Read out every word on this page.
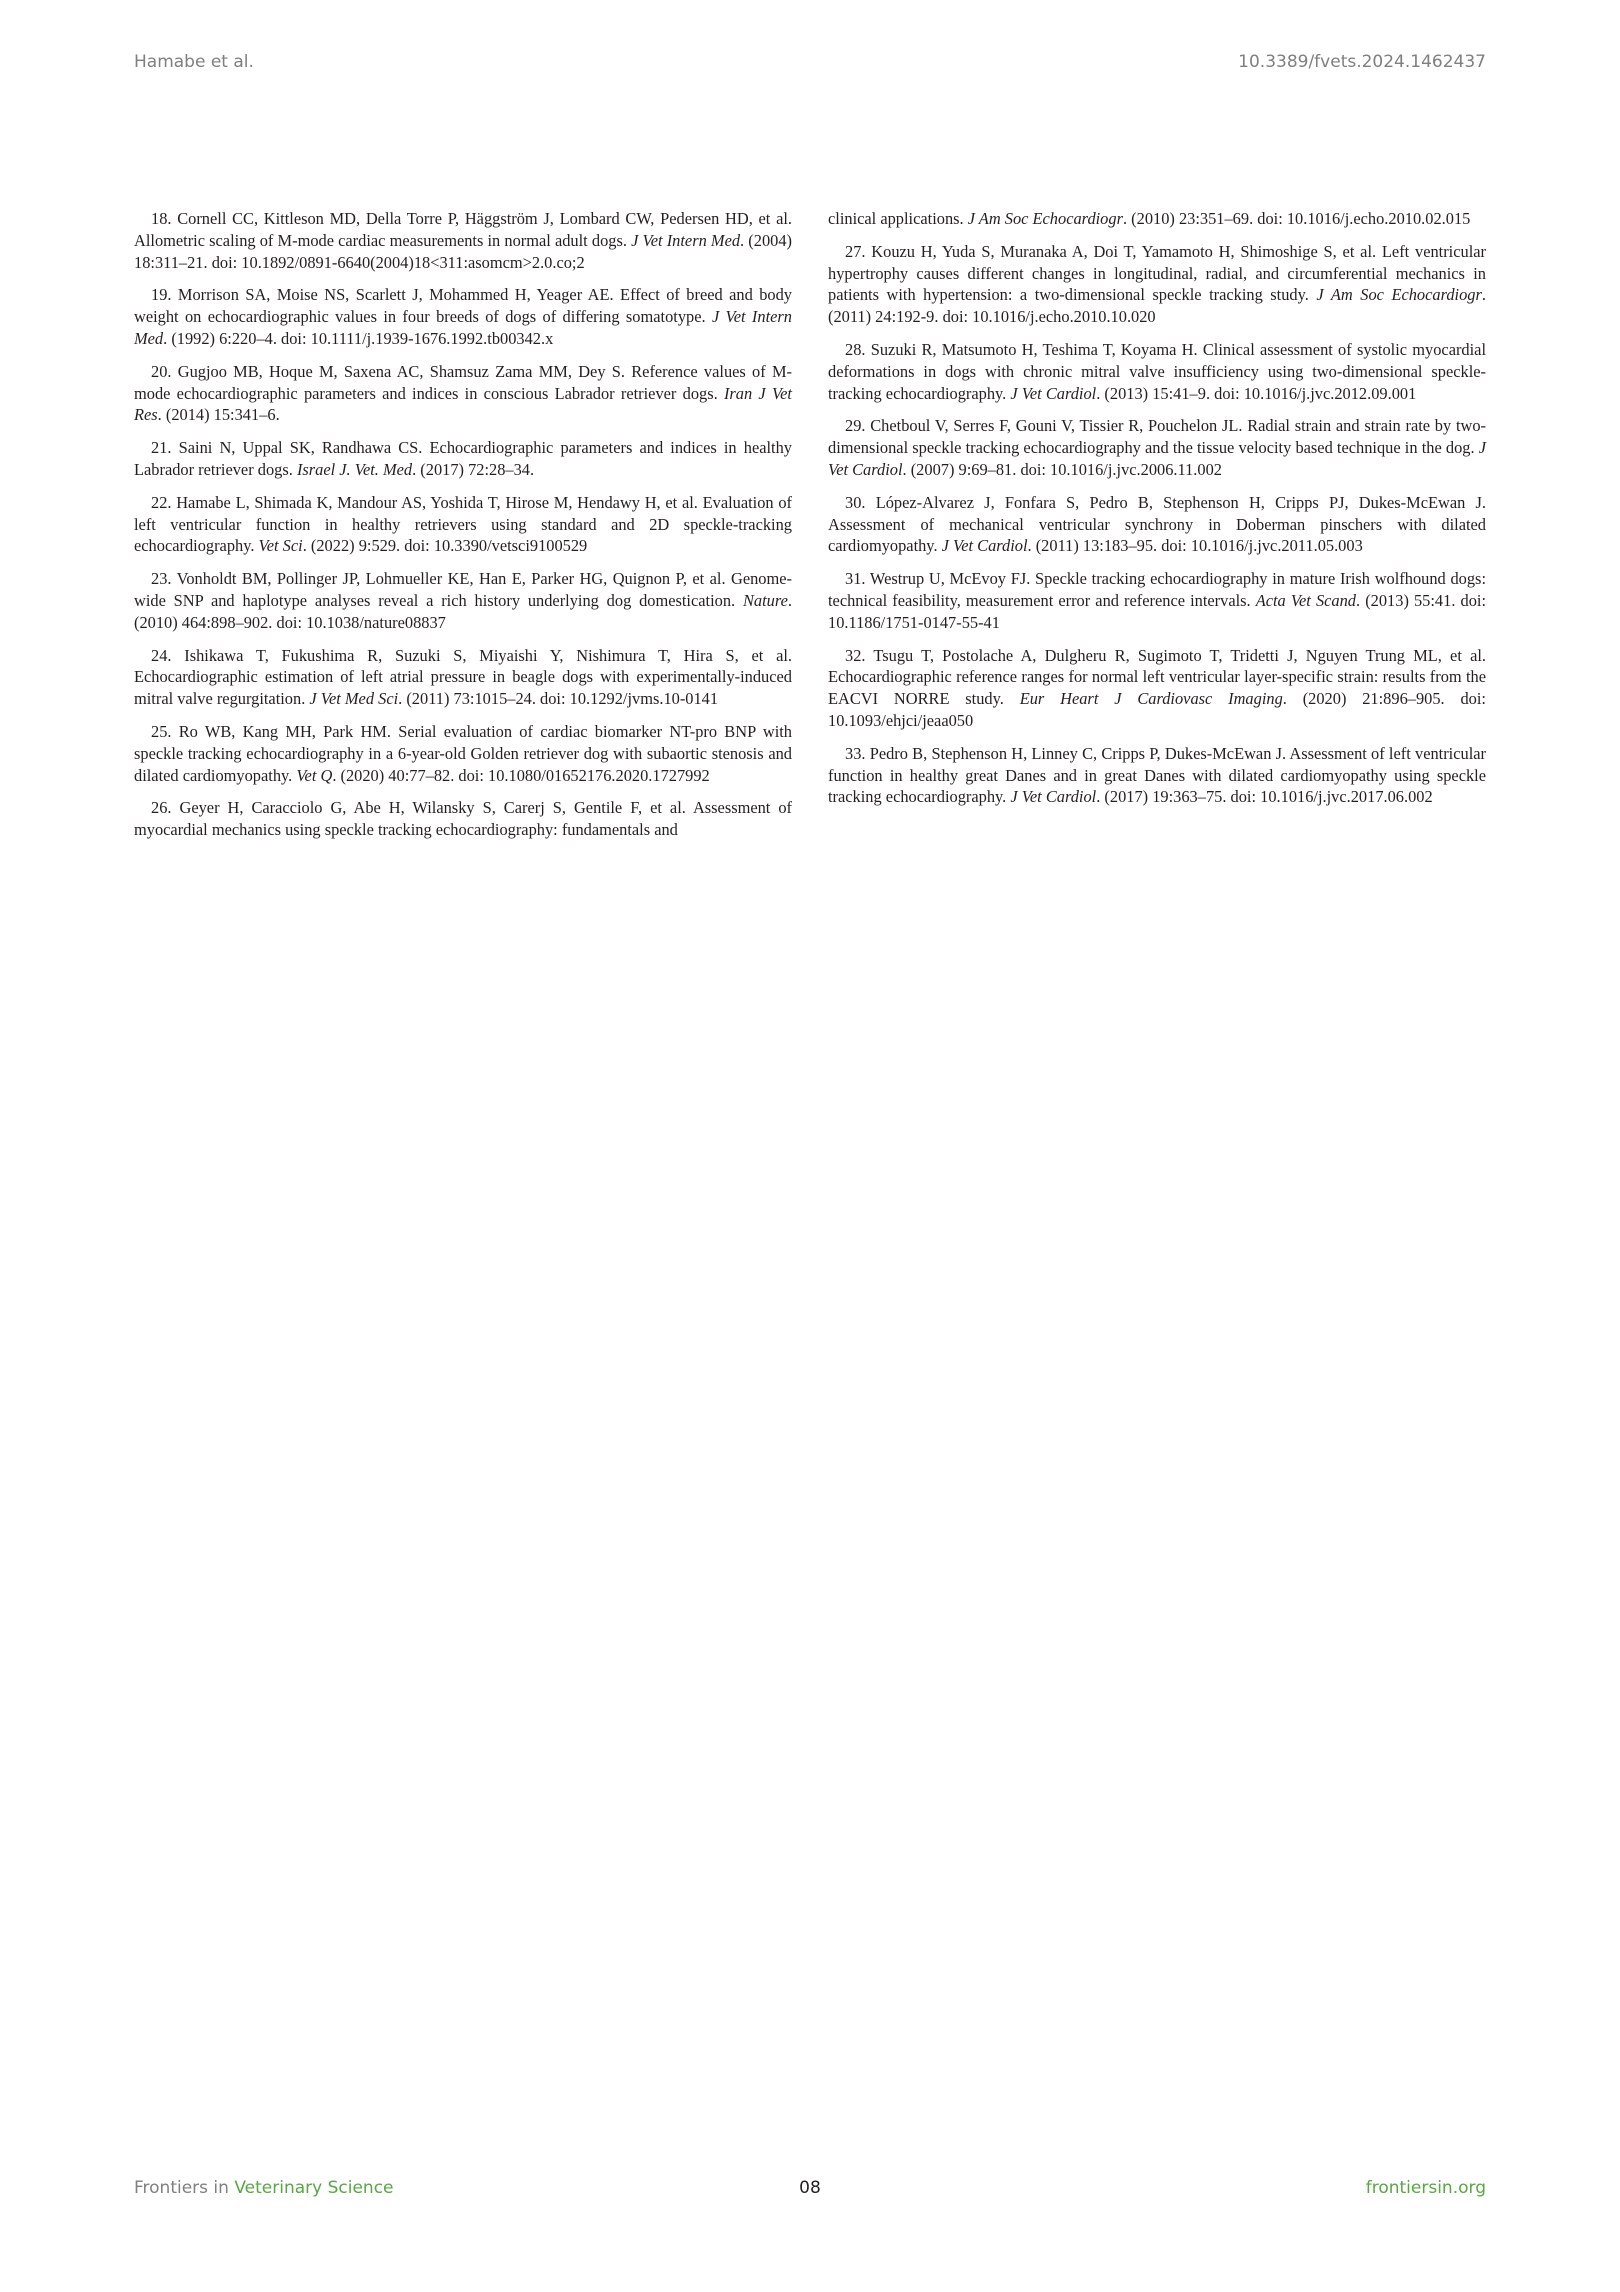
Hamabe et al.	10.3389/fvets.2024.1462437

18. Cornell CC, Kittleson MD, Della Torre P, Häggström J, Lombard CW, Pedersen HD, et al. Allometric scaling of M-mode cardiac measurements in normal adult dogs. J Vet Intern Med. (2004) 18:311–21. doi: 10.1892/0891-6640(2004)18<311:asomcm>2.0.co;2

19. Morrison SA, Moise NS, Scarlett J, Mohammed H, Yeager AE. Effect of breed and body weight on echocardiographic values in four breeds of dogs of differing somatotype. J Vet Intern Med. (1992) 6:220–4. doi: 10.1111/j.1939-1676.1992.tb00342.x

20. Gugjoo MB, Hoque M, Saxena AC, Shamsuz Zama MM, Dey S. Reference values of M-mode echocardiographic parameters and indices in conscious Labrador retriever dogs. Iran J Vet Res. (2014) 15:341–6.

21. Saini N, Uppal SK, Randhawa CS. Echocardiographic parameters and indices in healthy Labrador retriever dogs. Israel J. Vet. Med. (2017) 72:28–34.

22. Hamabe L, Shimada K, Mandour AS, Yoshida T, Hirose M, Hendawy H, et al. Evaluation of left ventricular function in healthy retrievers using standard and 2D speckle-tracking echocardiography. Vet Sci. (2022) 9:529. doi: 10.3390/vetsci9100529

23. Vonholdt BM, Pollinger JP, Lohmueller KE, Han E, Parker HG, Quignon P, et al. Genome-wide SNP and haplotype analyses reveal a rich history underlying dog domestication. Nature. (2010) 464:898–902. doi: 10.1038/nature08837

24. Ishikawa T, Fukushima R, Suzuki S, Miyaishi Y, Nishimura T, Hira S, et al. Echocardiographic estimation of left atrial pressure in beagle dogs with experimentally-induced mitral valve regurgitation. J Vet Med Sci. (2011) 73:1015–24. doi: 10.1292/jvms.10-0141

25. Ro WB, Kang MH, Park HM. Serial evaluation of cardiac biomarker NT-pro BNP with speckle tracking echocardiography in a 6-year-old Golden retriever dog with subaortic stenosis and dilated cardiomyopathy. Vet Q. (2020) 40:77–82. doi: 10.1080/01652176.2020.1727992

26. Geyer H, Caracciolo G, Abe H, Wilansky S, Carerj S, Gentile F, et al. Assessment of myocardial mechanics using speckle tracking echocardiography: fundamentals and

clinical applications. J Am Soc Echocardiogr. (2010) 23:351–69. doi: 10.1016/j.echo.2010.02.015

27. Kouzu H, Yuda S, Muranaka A, Doi T, Yamamoto H, Shimoshige S, et al. Left ventricular hypertrophy causes different changes in longitudinal, radial, and circumferential mechanics in patients with hypertension: a two-dimensional speckle tracking study. J Am Soc Echocardiogr. (2011) 24:192-9. doi: 10.1016/j.echo.2010.10.020

28. Suzuki R, Matsumoto H, Teshima T, Koyama H. Clinical assessment of systolic myocardial deformations in dogs with chronic mitral valve insufficiency using two-dimensional speckle-tracking echocardiography. J Vet Cardiol. (2013) 15:41–9. doi: 10.1016/j.jvc.2012.09.001

29. Chetboul V, Serres F, Gouni V, Tissier R, Pouchelon JL. Radial strain and strain rate by two-dimensional speckle tracking echocardiography and the tissue velocity based technique in the dog. J Vet Cardiol. (2007) 9:69–81. doi: 10.1016/j.jvc.2006.11.002

30. López-Alvarez J, Fonfara S, Pedro B, Stephenson H, Cripps PJ, Dukes-McEwan J. Assessment of mechanical ventricular synchrony in Doberman pinschers with dilated cardiomyopathy. J Vet Cardiol. (2011) 13:183–95. doi: 10.1016/j.jvc.2011.05.003

31. Westrup U, McEvoy FJ. Speckle tracking echocardiography in mature Irish wolfhound dogs: technical feasibility, measurement error and reference intervals. Acta Vet Scand. (2013) 55:41. doi: 10.1186/1751-0147-55-41

32. Tsugu T, Postolache A, Dulgheru R, Sugimoto T, Tridetti J, Nguyen Trung ML, et al. Echocardiographic reference ranges for normal left ventricular layer-specific strain: results from the EACVI NORRE study. Eur Heart J Cardiovasc Imaging. (2020) 21:896–905. doi: 10.1093/ehjci/jeaa050

33. Pedro B, Stephenson H, Linney C, Cripps P, Dukes-McEwan J. Assessment of left ventricular function in healthy great Danes and in great Danes with dilated cardiomyopathy using speckle tracking echocardiography. J Vet Cardiol. (2017) 19:363–75. doi: 10.1016/j.jvc.2017.06.002

Frontiers in Veterinary Science	08	frontiersin.org
